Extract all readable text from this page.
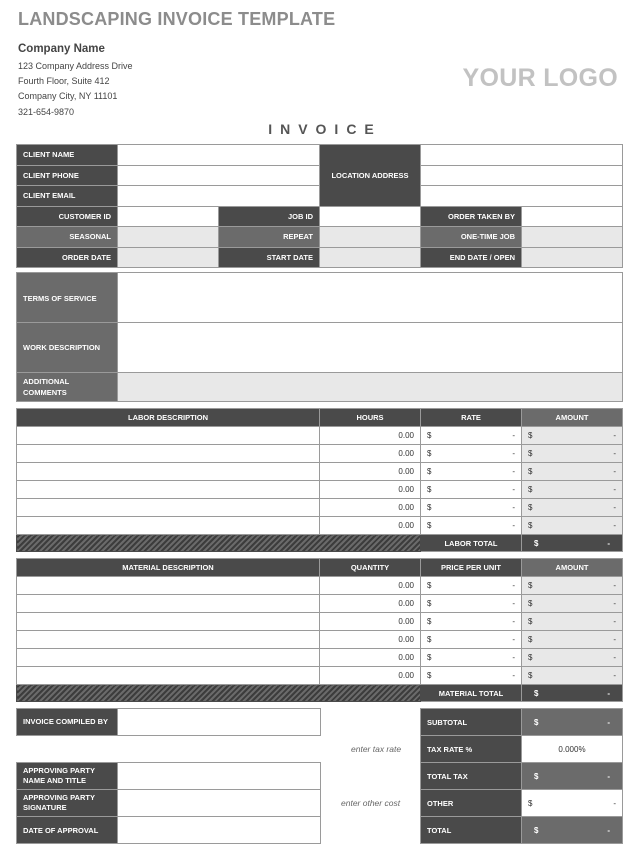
LANDSCAPING INVOICE TEMPLATE
Company Name
123 Company Address Drive
Fourth Floor, Suite 412
Company City, NY 11101
321-654-9870
YOUR LOGO
INVOICE
CLIENT NAME			LOCATION ADDRESS		
CLIENT PHONE					
CLIENT EMAIL					
CUSTOMER ID		JOB ID		ORDER TAKEN BY	
SEASONAL		REPEAT		ONE-TIME JOB	
ORDER DATE		START DATE		END DATE / OPEN	
TERMS OF SERVICE	
WORK DESCRIPTION	
ADDITIONAL COMMENTS	
LABOR DESCRIPTION	HOURS	RATE	AMOUNT
	0.00	$ -	$ -

	0.00	$ -	$ -

	0.00	$ -	$ -

	0.00	$ -	$ -

	0.00	$ -	$ -

	0.00	$ -	$ -

		LABOR TOTAL	$ -
MATERIAL DESCRIPTION	QUANTITY	PRICE PER UNIT	AMOUNT
	0.00	$ -	$ -

	0.00	$ -	$ -

	0.00	$ -	$ -

	0.00	$ -	$ -

	0.00	$ -	$ -

	0.00	$ -	$ -

		MATERIAL TOTAL	$ -
INVOICE COMPILED BY	
APPROVING PARTY NAME AND TITLE	
APPROVING PARTY SIGNATURE	
DATE OF APPROVAL	
enter tax rate
enter other cost
SUBTOTAL	$ -

TAX RATE %	0.000%
TOTAL TAX	$ -

OTHER	$ -

TOTAL	$ -
